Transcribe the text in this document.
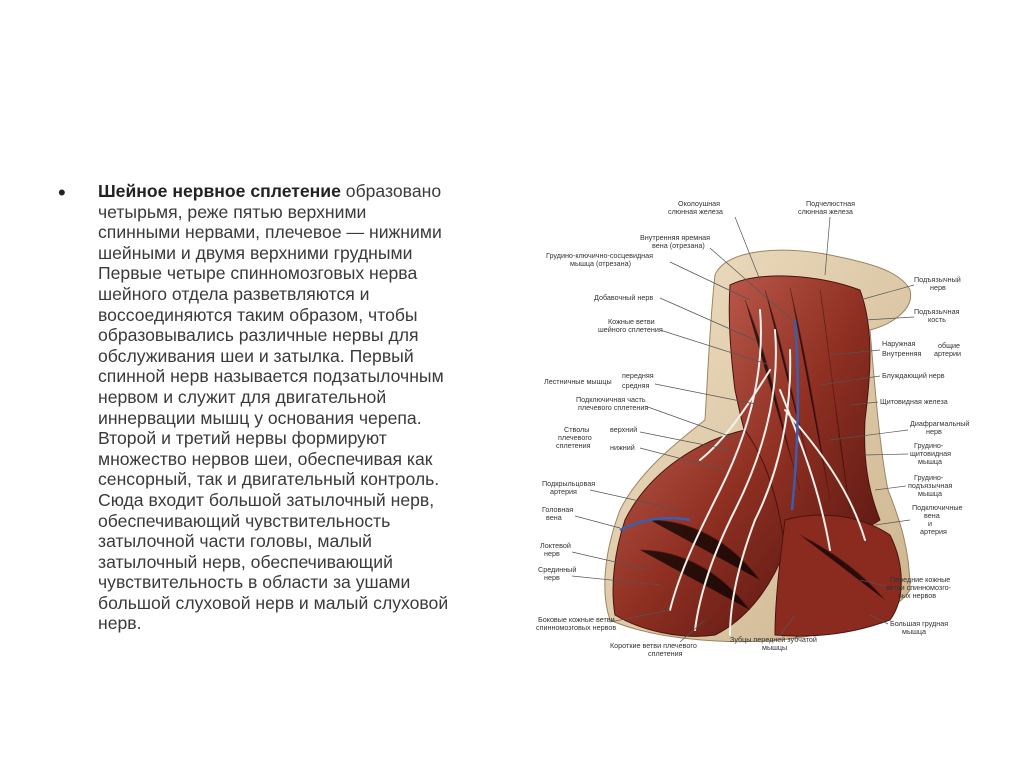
•	Шейное нервное сплетение образовано
четырьмя, реже пятью верхними
спинными нервами, плечевое — нижними
шейными и двумя верхними грудными
Первые четыре спинномозговых нерва
шейного отдела разветвляются и
воссоединяются таким образом, чтобы
образовывались различные нервы для
обслуживания шеи и затылка. Первый
спинной нерв называется подзатылочным
нервом и служит для двигательной
иннервации мышц у основания черепа.
Второй и третий нервы формируют
множество нервов шеи, обеспечивая как
сенсорный, так и двигательный контроль.
Сюда входит большой затылочный нерв,
обеспечивающий чувствительность
затылочной части головы, малый
затылочный нерв, обеспечивающий
чувствительность в области за ушами
большой слуховой нерв и малый слуховой
нерв.
Околоушная
слюнная железа
Внутренняя яремная
вена (отрезана)
Грудино-ключично-сосцевидная
мышца (отрезана)
Добавочный нерв
Кожные ветви
шейного сплетения
Лестничные мышцы
передняя
средняя
Подключичная часть
плечевого сплетения
Стволы
плечевого
сплетения
верхний
нижний
Подкрыльцовая
артерия
Головная
вена
Локтевой
нерв
Срединный
нерв
Боковые кожные ветви
спинномозговых нервов
Короткие ветви плечевого
сплетения
Зубцы передней зубчатой
мышцы
Подчелюстная
слюнная железа
Подъязычный
нерв
Подъязычная
кость
Наружная
Внутренняя
общие
артерии
Блуждающий нерв
Щитовидная железа
Диафрагмальный
нерв
Грудино-
щитовидная
мышца
Грудино-
подъязычная
мышца
Подключичные
вена
и
артерия
Передние кожные
ветви спинномозго-
вых нервов
Большая грудная
мышца
